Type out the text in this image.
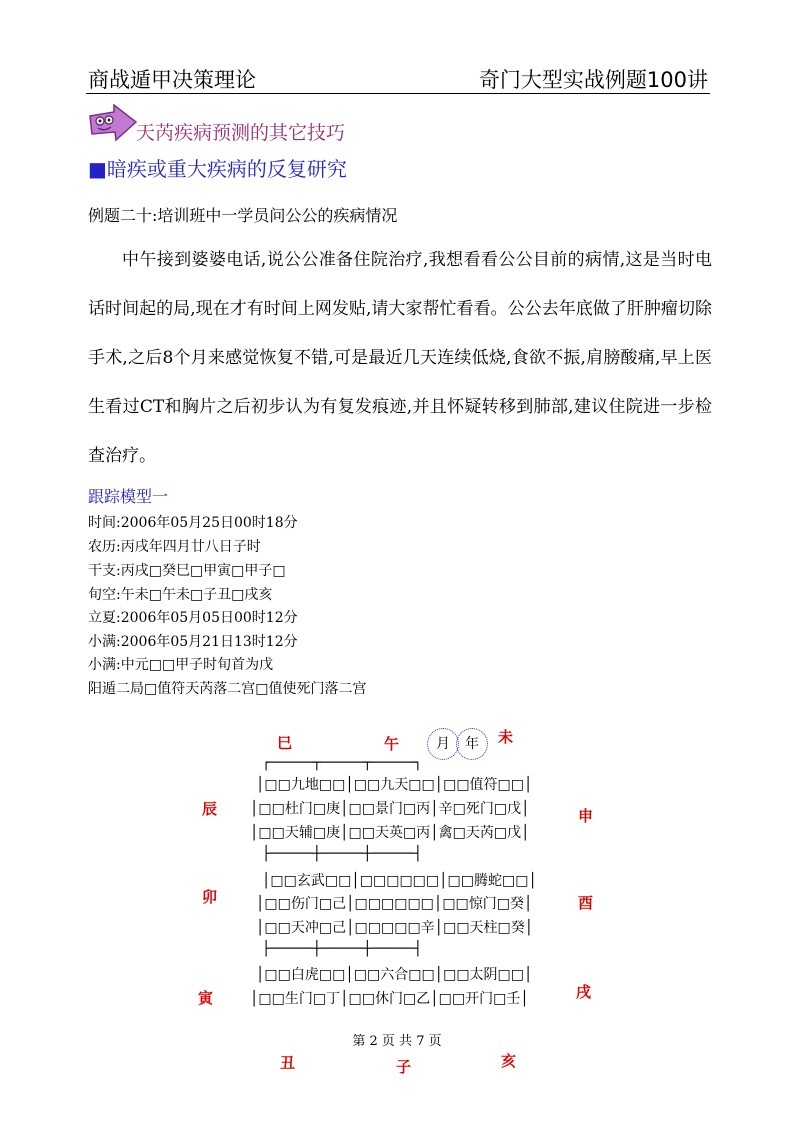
商战遁甲决策理论	奇门大型实战例题100讲
天芮疾病预测的其它技巧
■暗疾或重大疾病的反复研究
例题二十:培训班中一学员问公公的疾病情况
中午接到婆婆电话,说公公准备住院治疗,我想看看公公目前的病情,这是当时电话时间起的局,现在才有时间上网发贴,请大家帮忙看看。公公去年底做了肝肿瘤切除手术,之后8个月来感觉恢复不错,可是最近几天连续低烧,食欲不振,肩膀酸痛,早上医生看过CT和胸片之后初步认为有复发痕迹,并且怀疑转移到肺部,建议住院进一步检查治疗。
跟踪模型一
时间:2006年05月25日00时18分
农历:丙戌年四月廿八日子时
干支:丙戌□癸巳□甲寅□甲子□
旬空:午未□午未□子丑□戌亥
立夏:2006年05月05日00时12分
小满:2006年05月21日13时12分
小满:中元□□甲子时旬首为戊
阳遁二局□值符天芮落二宫□值使死门落二宫
巳	午	未
月	年
辰
卯
寅
申
酉
戌
丑	子	亥
┌─────┬─────┬─────┐
│□□九地□□│□□九天□□│□□值符□□│
│□□杜门□庚│□□景门□丙│辛□死门□戊│
│□□天辅□庚│□□天英□丙│禽□天芮□戊│
├─────┼─────┼─────┤
│□□玄武□□│□□□□□□│□□腾蛇□□│
│□□伤门□己│□□□□□□│□□惊门□癸│
│□□天冲□己│□□□□□辛│□□天柱□癸│
├─────┼─────┼─────┤
│□□白虎□□│□□六合□□│□□太阴□□│
│□□生门□丁│□□休门□乙│□□开门□壬│
第 2 页 共 7 页
